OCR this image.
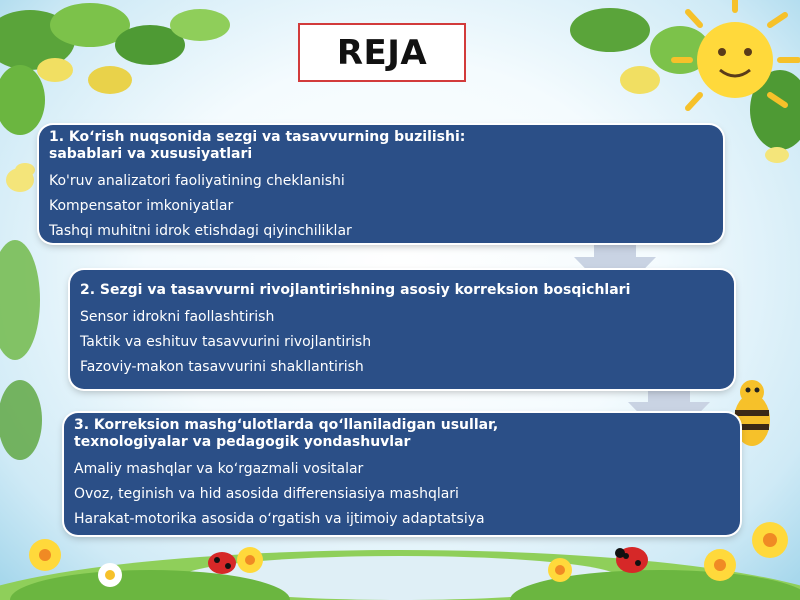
REJA
1. Koʻrish nuqsonida sezgi va tasavvurning buzilishi: sabablari va xususiyatlari
Ko'ruv analizatori faoliyatining cheklanishi
Kompensator imkoniyatlar
Tashqi muhitni idrok etishdagi qiyinchiliklar
2. Sezgi va tasavvurni rivojlantirishning asosiy korreksion bosqichlari
Sensor idrokni faollashtirish
Taktik va eshituv tasavvurini rivojlantirish
Fazoviy-makon tasavvurini shakllantirish
3. Korreksion mashgʻulotlarda qoʻllaniladigan usullar, texnologiyalar va pedagogik yondashuvlar
Amaliy mashqlar va koʻrgazmali vositalar
Ovoz, teginish va hid asosida differensiasiya mashqlari
Harakat-motorika asosida oʻrgatish va ijtimoiy adaptatsiya
